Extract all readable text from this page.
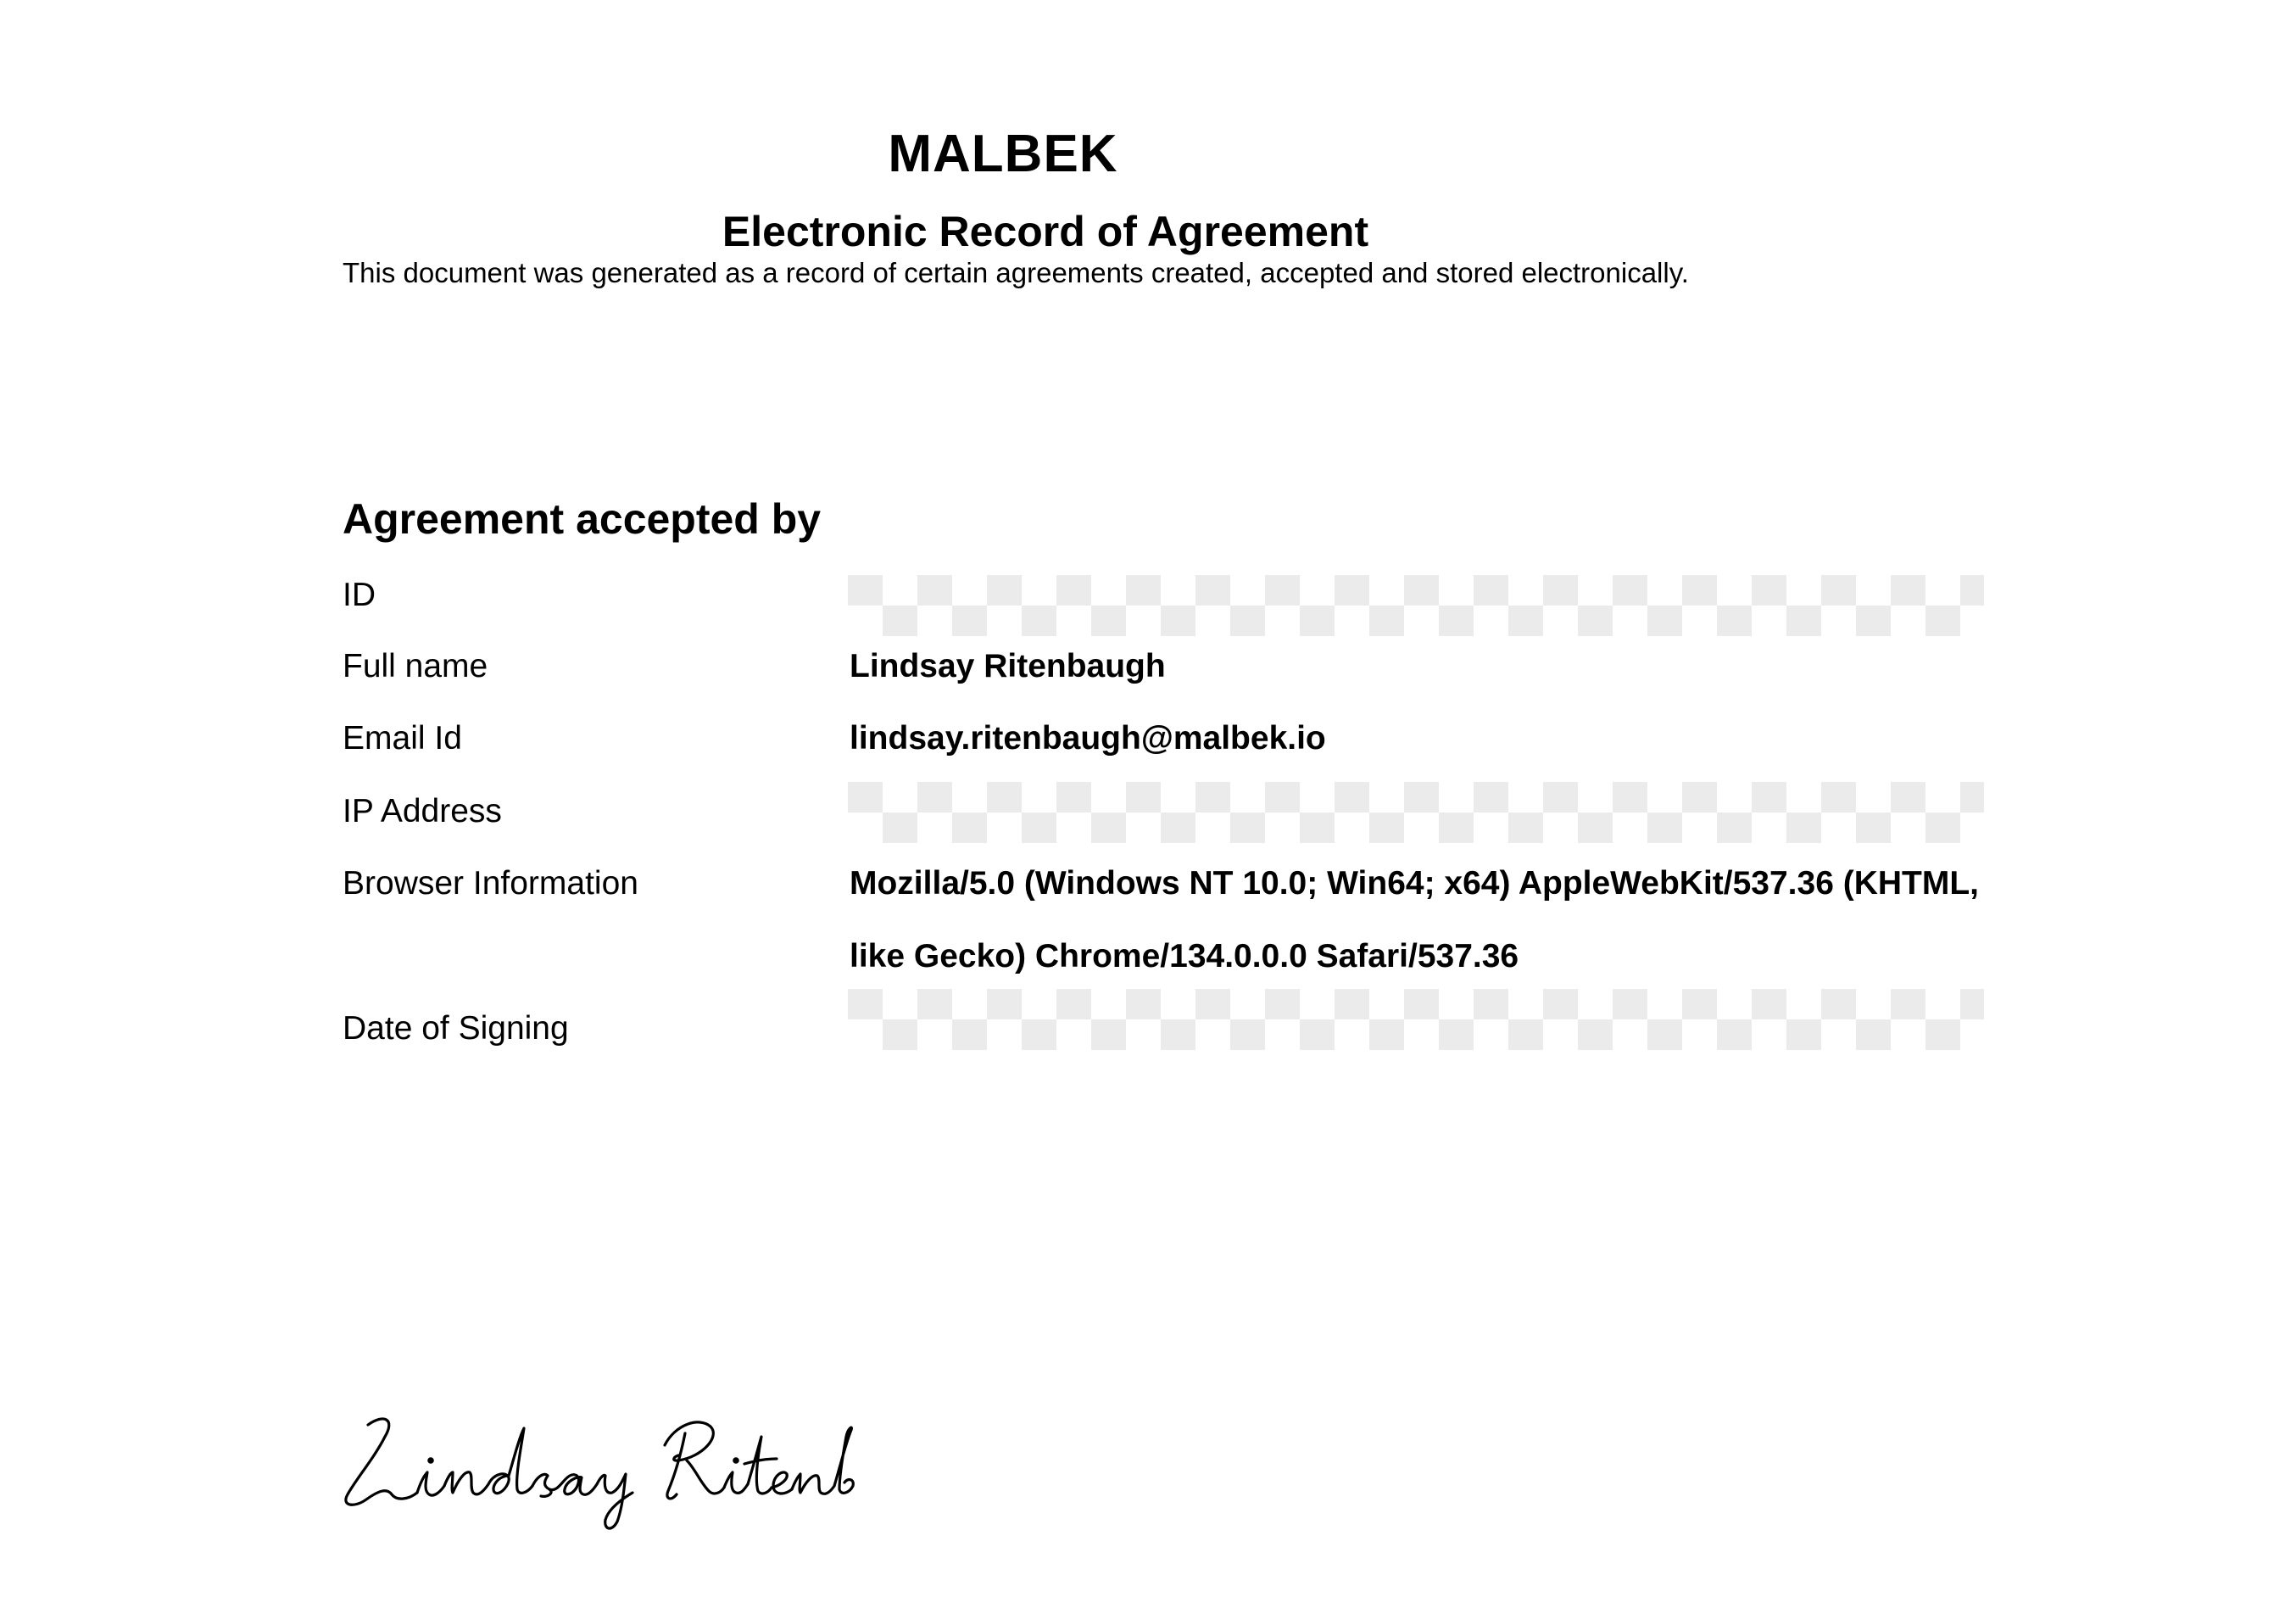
MALBEK
Electronic Record of Agreement
This document was generated as a record of certain agreements created, accepted and stored electronically.
Agreement accepted by
ID
Full name	Lindsay Ritenbaugh
Email Id	lindsay.ritenbaugh@malbek.io
IP Address
Browser Information	Mozilla/5.0 (Windows NT 10.0; Win64; x64) AppleWebKit/537.36 (KHTML,
like Gecko) Chrome/134.0.0.0 Safari/537.36
Date of Signing
